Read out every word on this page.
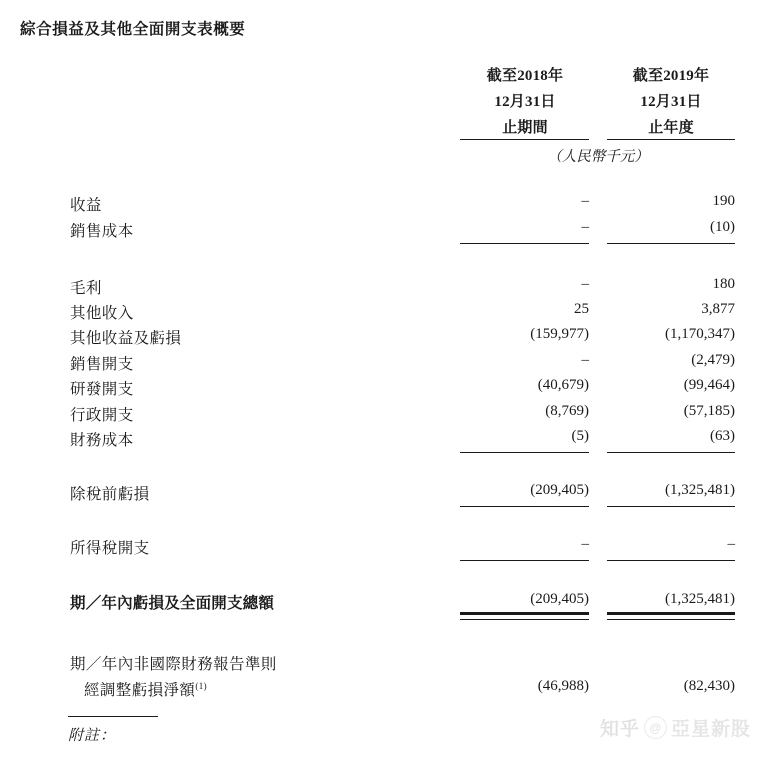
綜合損益及其他全面開支表概要
截至2018年
12月31日
止期間
截至2019年
12月31日
止年度
（人民幣千元）
收益	–	190
銷售成本	–	(10)
毛利	–	180
其他收入	25	3,877
其他收益及虧損	(159,977)	(1,170,347)
銷售開支	–	(2,479)
研發開支	(40,679)	(99,464)
行政開支	(8,769)	(57,185)
財務成本	(5)	(63)
除稅前虧損	(209,405)	(1,325,481)
所得稅開支	–	–
期／年內虧損及全面開支總額	(209,405)	(1,325,481)
期／年內非國際財務報告準則
經調整虧損淨額$^{(1)}$	(46,988)	(82,430)
附註：	知乎 @ 亞星新股
